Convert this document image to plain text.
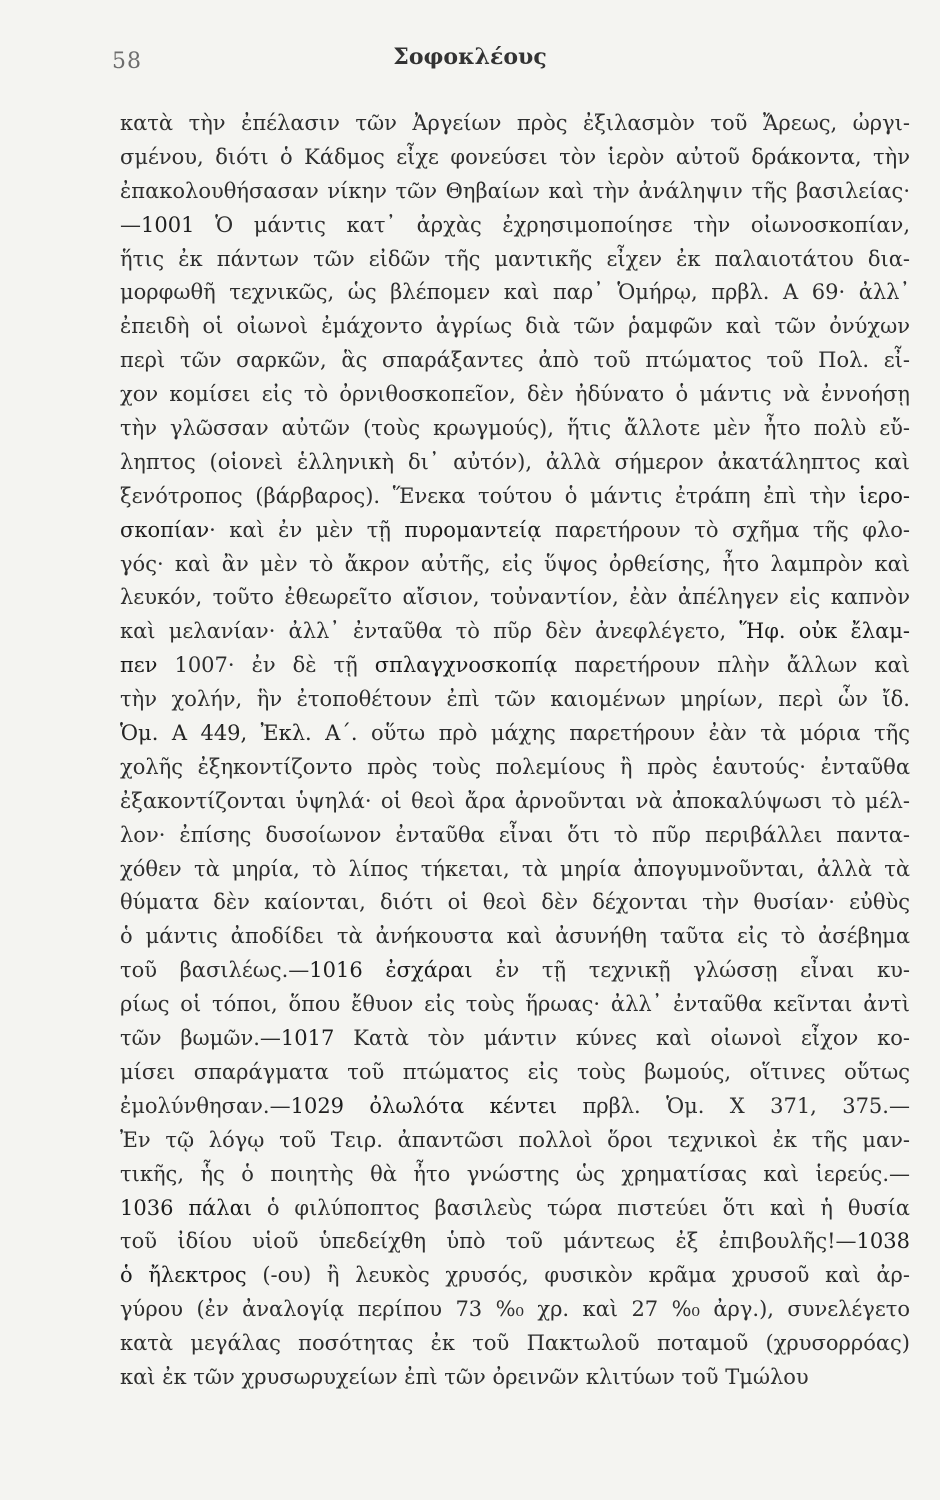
58	Σοφοκλέους
κατὰ τὴν ἐπέλασιν τῶν Ἀργείων πρὸς ἐξιλασμὸν τοῦ Ἄρεως, ὠργι-
σμένου, διότι ὁ Κάδμος εἶχε φονεύσει τὸν ἱερὸν αὐτοῦ δράκοντα, τὴν
ἐπακολουθήσασαν νίκην τῶν Θηβαίων καὶ τὴν ἀνάληψιν τῆς βασιλείας·
—1001 Ὁ μάντις κατ᾽ ἀρχὰς ἐχρησιμοποίησε τὴν οἰωνοσκοπίαν,
ἥτις ἐκ πάντων τῶν εἰδῶν τῆς μαντικῆς εἶχεν ἐκ παλαιοτάτου δια-
μορφωθῆ τεχνικῶς, ὡς βλέπομεν καὶ παρ᾽ Ὁμήρῳ, πρβλ. Α 69· ἀλλ᾽
ἐπειδὴ οἱ οἰωνοὶ ἐμάχοντο ἀγρίως διὰ τῶν ῥαμφῶν καὶ τῶν ὀνύχων
περὶ τῶν σαρκῶν, ἃς σπαράξαντες ἀπὸ τοῦ πτώματος τοῦ Πολ. εἶ-
χον κομίσει εἰς τὸ ὀρνιθοσκοπεῖον, δὲν ἠδύνατο ὁ μάντις νὰ ἐννοήσῃ
τὴν γλῶσσαν αὐτῶν (τοὺς κρωγμούς), ἥτις ἄλλοτε μὲν ἦτο πολὺ εὔ-
ληπτος (οἱονεὶ ἑλληνικὴ δι᾽ αὐτόν), ἀλλὰ σήμερον ἀκατάληπτος καὶ
ξενότροπος (βάρβαρος). Ἕνεκα τούτου ὁ μάντις ἐτράπη ἐπὶ τὴν ἱερο-
σκοπίαν· καὶ ἐν μὲν τῇ πυρομαντείᾳ παρετήρουν τὸ σχῆμα τῆς φλο-
γός· καὶ ἂν μὲν τὸ ἄκρον αὐτῆς, εἰς ὕψος ὀρθείσης, ἦτο λαμπρὸν καὶ
λευκόν, τοῦτο ἐθεωρεῖτο αἴσιον, τοὐναντίον, ἐὰν ἀπέληγεν εἰς καπνὸν
καὶ μελανίαν· ἀλλ᾽ ἐνταῦθα τὸ πῦρ δὲν ἀνεφλέγετο, Ἥφ. οὐκ ἔλαμ-
πεν 1007· ἐν δὲ τῇ σπλαγχνοσκοπίᾳ παρετήρουν πλὴν ἄλλων καὶ
τὴν χολήν, ἣν ἐτοποθέτουν ἐπὶ τῶν καιομένων μηρίων, περὶ ὧν ἴδ.
Ὁμ. Α 449, Ἐκλ. Α΄. οὕτω πρὸ μάχης παρετήρουν ἐὰν τὰ μόρια τῆς
χολῆς ἐξηκοντίζοντο πρὸς τοὺς πολεμίους ἢ πρὸς ἑαυτούς· ἐνταῦθα
ἐξακοντίζονται ὑψηλά· οἱ θεοὶ ἄρα ἀρνοῦνται νὰ ἀποκαλύψωσι τὸ μέλ-
λον· ἐπίσης δυσοίωνον ἐνταῦθα εἶναι ὅτι τὸ πῦρ περιβάλλει παντα-
χόθεν τὰ μηρία, τὸ λίπος τήκεται, τὰ μηρία ἀπογυμνοῦνται, ἀλλὰ τὰ
θύματα δὲν καίονται, διότι οἱ θεοὶ δὲν δέχονται τὴν θυσίαν· εὐθὺς
ὁ μάντις ἀποδίδει τὰ ἀνήκουστα καὶ ἀσυνήθη ταῦτα εἰς τὸ ἀσέβημα
τοῦ βασιλέως.—1016 ἐσχάραι ἐν τῇ τεχνικῇ γλώσσῃ εἶναι κυ-
ρίως οἱ τόποι, ὅπου ἔθυον εἰς τοὺς ἥρωας· ἀλλ᾽ ἐνταῦθα κεῖνται ἀντὶ
τῶν βωμῶν.—1017 Κατὰ τὸν μάντιν κύνες καὶ οἰωνοὶ εἶχον κο-
μίσει σπαράγματα τοῦ πτώματος εἰς τοὺς βωμούς, οἵτινες οὕτως
ἐμολύνθησαν.—1029 ὀλωλότα κέντει πρβλ. Ὁμ. Χ 371, 375.—
Ἐν τῷ λόγῳ τοῦ Τειρ. ἀπαντῶσι πολλοὶ ὅροι τεχνικοὶ ἐκ τῆς μαν-
τικῆς, ἧς ὁ ποιητὴς θὰ ἦτο γνώστης ὡς χρηματίσας καὶ ἱερεύς.—
1036 πάλαι ὁ φιλύποπτος βασιλεὺς τώρα πιστεύει ὅτι καὶ ἡ θυσία
τοῦ ἰδίου υἱοῦ ὑπεδείχθη ὑπὸ τοῦ μάντεως ἐξ ἐπιβουλῆς!—1038
ὁ ἤλεκτρος (-ου) ἢ λευκὸς χρυσός, φυσικὸν κρᾶμα χρυσοῦ καὶ ἀρ-
γύρου (ἐν ἀναλογίᾳ περίπου 73 %₀ χρ. καὶ 27 %₀ ἀργ.), συνελέγετο
κατὰ μεγάλας ποσότητας ἐκ τοῦ Πακτωλοῦ ποταμοῦ (χρυσορρόας)
καὶ ἐκ τῶν χρυσωρυχείων ἐπὶ τῶν ὀρεινῶν κλιτύων τοῦ Τμώλου
